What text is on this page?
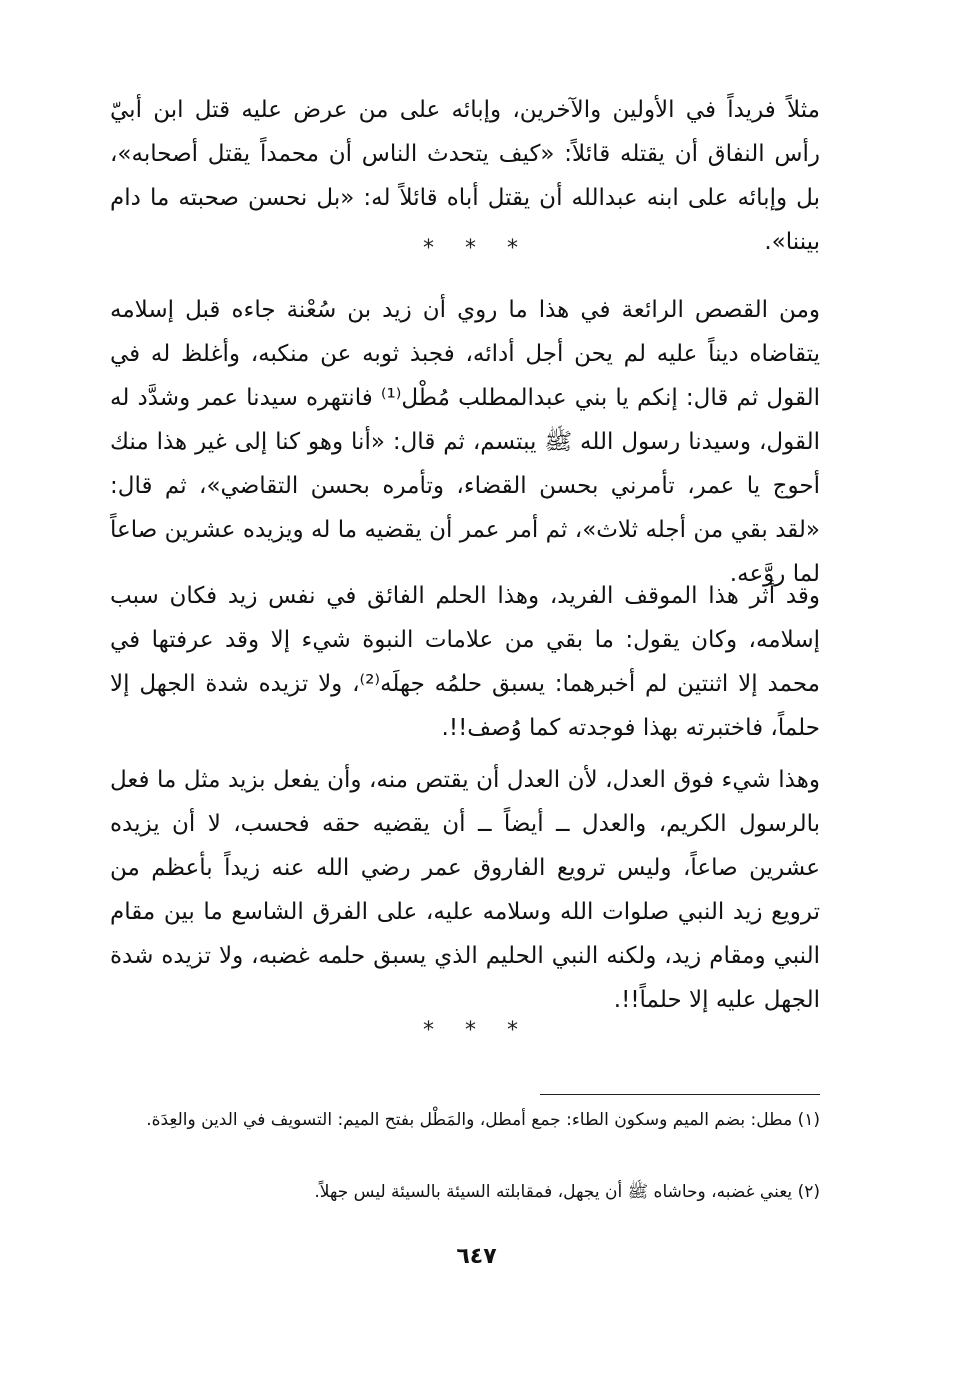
مثلاً فريداً في الأولين والآخرين، وإبائه على من عرض عليه قتل ابن أبيّ رأس النفاق أن يقتله قائلاً: «كيف يتحدث الناس أن محمداً يقتل أصحابه»، بل وإبائه على ابنه عبدالله أن يقتل أباه قائلاً له: «بل نحسن صحبته ما دام بيننا».

* * *

ومن القصص الرائعة في هذا ما روي أن زيد بن سُعْنة جاءه قبل إسلامه يتقاضاه ديناً عليه لم يحن أجل أدائه، فجبذ ثوبه عن منكبه، وأغلظ له في القول ثم قال: إنكم يا بني عبدالمطلب مُطْل⁽¹⁾ فانتهره سيدنا عمر وشدَّد له القول، وسيدنا رسول الله ﷺ يبتسم، ثم قال: «أنا وهو كنا إلى غير هذا منك أحوج يا عمر، تأمرني بحسن القضاء، وتأمره بحسن التقاضي»، ثم قال: «لقد بقي من أجله ثلاث»، ثم أمر عمر أن يقضيه ما له ويزيده عشرين صاعاً لما روَّعه.

وقد أثر هذا الموقف الفريد، وهذا الحلم الفائق في نفس زيد فكان سبب إسلامه، وكان يقول: ما بقي من علامات النبوة شيء إلا وقد عرفتها في محمد إلا اثنتين لم أخبرهما: يسبق حلمُه جهلَه⁽²⁾، ولا تزيده شدة الجهل إلا حلماً، فاختبرته بهذا فوجدته كما وُصف!!.

وهذا شيء فوق العدل، لأن العدل أن يقتص منه، وأن يفعل بزيد مثل ما فعل بالرسول الكريم، والعدل ــ أيضاً ــ أن يقضيه حقه فحسب، لا أن يزيده عشرين صاعاً، وليس ترويع الفاروق عمر رضي الله عنه زيداً بأعظم من ترويع زيد النبي صلوات الله وسلامه عليه، على الفرق الشاسع ما بين مقام النبي ومقام زيد، ولكنه النبي الحليم الذي يسبق حلمه غضبه، ولا تزيده شدة الجهل عليه إلا حلماً!!.

* * *

(١) مطل: بضم الميم وسكون الطاء: جمع أمطل، والمَطْل بفتح الميم: التسويف في الدين والعِدَة.

(٢) يعني غضبه، وحاشاه ﷺ أن يجهل، فمقابلته السيئة بالسيئة ليس جهلاً.

٦٤٧
